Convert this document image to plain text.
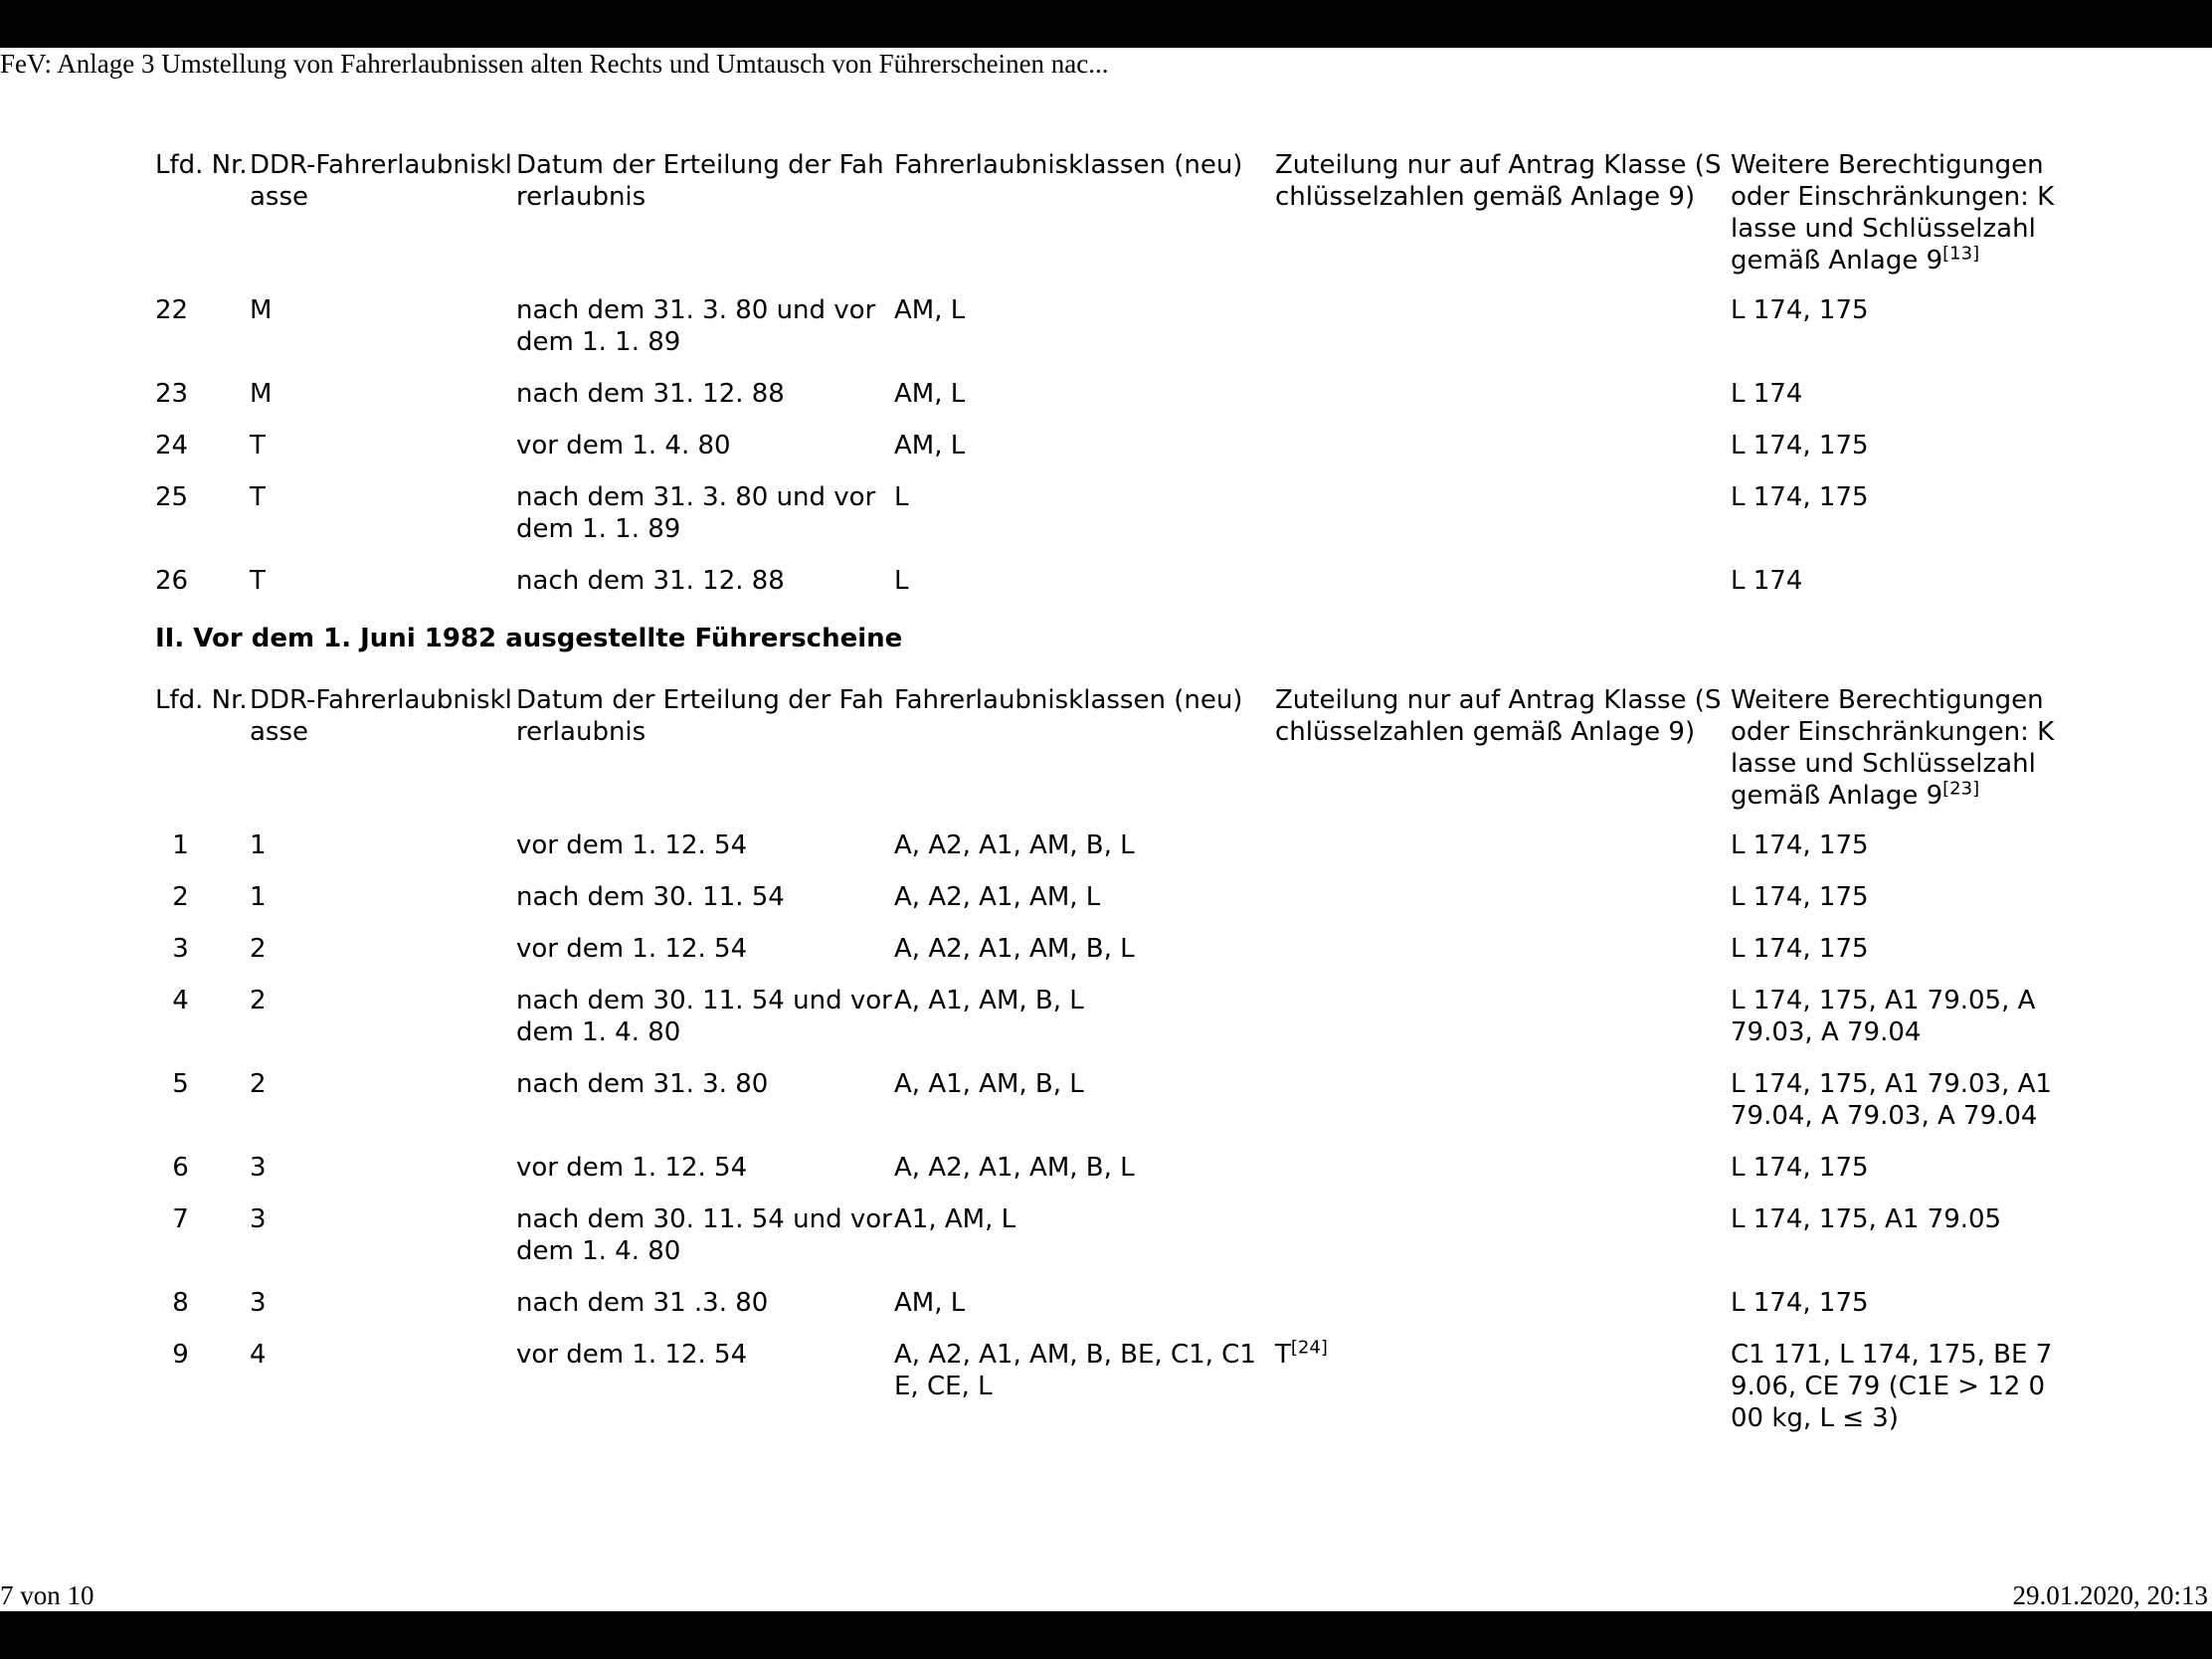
FeV: Anlage 3 Umstellung von Fahrerlaubnissen alten Rechts und Umtausch von Führerscheinen nac...
Lfd. Nr.	DDR-Fahrerlaubnisklasse	Datum der Erteilung der Fahrerlaubnis	Fahrerlaubnisklassen (neu)	Zuteilung nur auf Antrag Klasse (Schlüsselzahlen gemäß Anlage 9)	Weitere Berechtigungen oder Einschränkungen: Klasse und Schlüsselzahl gemäß Anlage 9[13]
22	M	nach dem 31. 3. 80 und vor dem 1. 1. 89	AM, L		L 174, 175
23	M	nach dem 31. 12. 88	AM, L		L 174
24	T	vor dem 1. 4. 80	AM, L		L 174, 175
25	T	nach dem 31. 3. 80 und vor dem 1. 1. 89	L		L 174, 175
26	T	nach dem 31. 12. 88	L		L 174
II. Vor dem 1. Juni 1982 ausgestellte Führerscheine
Lfd. Nr.	DDR-Fahrerlaubnisklasse	Datum der Erteilung der Fahrerlaubnis	Fahrerlaubnisklassen (neu)	Zuteilung nur auf Antrag Klasse (Schlüsselzahlen gemäß Anlage 9)	Weitere Berechtigungen oder Einschränkungen: Klasse und Schlüsselzahl gemäß Anlage 9[23]
1	1	vor dem 1. 12. 54	A, A2, A1, AM, B, L		L 174, 175
2	1	nach dem 30. 11. 54	A, A2, A1, AM, L		L 174, 175
3	2	vor dem 1. 12. 54	A, A2, A1, AM, B, L		L 174, 175
4	2	nach dem 30. 11. 54 und vor dem 1. 4. 80	A, A1, AM, B, L		L 174, 175, A1 79.05, A 79.03, A 79.04
5	2	nach dem 31. 3. 80	A, A1, AM, B, L		L 174, 175, A1 79.03, A1 79.04, A 79.03, A 79.04
6	3	vor dem 1. 12. 54	A, A2, A1, AM, B, L		L 174, 175
7	3	nach dem 30. 11. 54 und vor dem 1. 4. 80	A1, AM, L		L 174, 175, A1 79.05
8	3	nach dem 31 .3. 80	AM, L		L 174, 175
9	4	vor dem 1. 12. 54	A, A2, A1, AM, B, BE, C1, C1E, CE, L	T[24]	C1 171, L 174, 175, BE 79.06, CE 79 (C1E > 12 000 kg, L ≤ 3)
7 von 10	29.01.2020, 20:13
